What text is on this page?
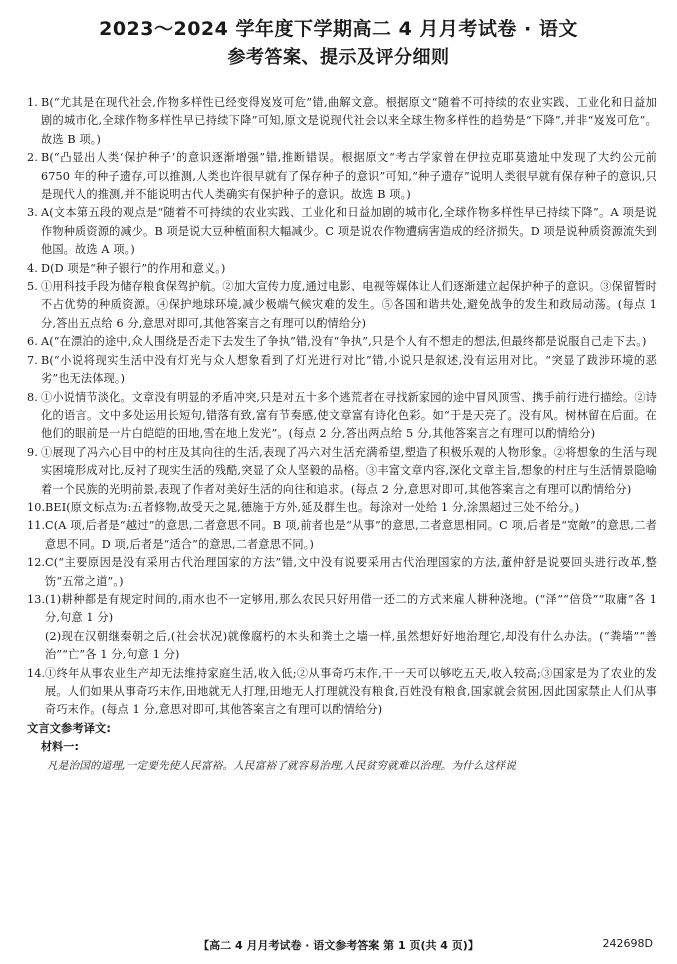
2023～2024 学年度下学期高二 4 月月考试卷 · 语文
参考答案、提示及评分细则

1. B(“尤其是在现代社会,作物多样性已经变得岌岌可危”错,曲解文意。根据原文“随着不可持续的农业实践、工业化和日益加剧的城市化,全球作物多样性早已持续下降”可知,原文是说现代社会以来全球生物多样性的趋势是“下降”,并非“岌岌可危”。故选 B 项。)

2. B(“凸显出人类‘保护种子’的意识逐渐增强”错,推断错误。根据原文“考古学家曾在伊拉克耶莫遗址中发现了大约公元前 6750 年的种子遗存,可以推测,人类也许很早就有了保存种子的意识”可知,“种子遗存”说明人类很早就有保存种子的意识,只是现代人的推测,并不能说明古代人类确实有保护种子的意识。故选 B 项。)

3. A(文本第五段的观点是“随着不可持续的农业实践、工业化和日益加剧的城市化,全球作物多样性早已持续下降”。A 项是说作物种质资源的减少。B 项是说大豆种植面积大幅减少。C 项是说农作物遭病害造成的经济损失。D 项是说种质资源流失到他国。故选 A 项。)

4. D(D 项是“种子银行”的作用和意义。)

5. ①用科技手段为储存粮食保驾护航。②加大宣传力度,通过电影、电视等媒体让人们逐渐建立起保护种子的意识。③保留暂时不占优势的种质资源。④保护地球环境,减少极端气候灾难的发生。⑤各国和谐共处,避免战争的发生和政局动荡。(每点 1 分,答出五点给 6 分,意思对即可,其他答案言之有理可以酌情给分)

6. A(“在漂泊的途中,众人围绕是否走下去发生了争执”错,没有“争执”,只是个人有不想走的想法,但最终都是说服自己走下去。)

7. B(“小说将现实生活中没有灯光与众人想象看到了灯光进行对比”错,小说只是叙述,没有运用对比。“突显了跋涉环境的恶劣”也无法体现。)

8. ①小说情节淡化。文章没有明显的矛盾冲突,只是对五十多个逃荒者在寻找新家园的途中冒风顶雪、携手前行进行描绘。②诗化的语言。文中多处运用长短句,错落有致,富有节奏感,使文章富有诗化色彩。如“于是天亮了。没有风。树林留在后面。在他们的眼前是一片白皑皑的田地,雪在地上发光”。(每点 2 分,答出两点给 5 分,其他答案言之有理可以酌情给分)

9. ①展现了冯六心目中的村庄及其向往的生活,表现了冯六对生活充满希望,塑造了积极乐观的人物形象。②将想象的生活与现实困境形成对比,反衬了现实生活的残酷,突显了众人坚毅的品格。③丰富文章内容,深化文章主旨,想象的村庄与生活情景隐喻着一个民族的光明前景,表现了作者对美好生活的向往和追求。(每点 2 分,意思对即可,其他答案言之有理可以酌情给分)

10. BEI(原文标点为:五者修物,故受天之晁,德施于方外,延及群生也。每涂对一处给 1 分,涂黑超过三处不给分。)

11. C(A 项,后者是“越过”的意思,二者意思不同。B 项,前者也是“从事”的意思,二者意思相同。C 项,后者是“宽敞”的意思,二者意思不同。D 项,后者是“适合”的意思,二者意思不同。)

12. C(“主要原因是没有采用古代治理国家的方法”错,文中没有说要采用古代治理国家的方法,董仲舒是说要回头进行改革,整饬“五常之道”。)

13. (1)耕种都是有规定时间的,雨水也不一定够用,那么农民只好用借一还二的方式来雇人耕种浇地。(“泽”“倍贷”“取庸”各 1 分,句意 1 分)

(2)现在汉朝继秦朝之后,(社会状况)就像腐朽的木头和粪土之墙一样,虽然想好好地治理它,却没有什么办法。(“粪墙”“善治”“亡”各 1 分,句意 1 分)

14. ①终年从事农业生产却无法维持家庭生活,收入低;②从事奇巧末作,干一天可以够吃五天,收入较高;③国家是为了农业的发展。人们如果从事奇巧末作,田地就无人打理,田地无人打理就没有粮食,百姓没有粮食,国家就会贫困,因此国家禁止人们从事奇巧末作。(每点 1 分,意思对即可,其他答案言之有理可以酌情给分)

文言文参考译文:

材料一:

凡是治国的道理,一定要先使人民富裕。人民富裕了就容易治理,人民贫穷就难以治理。为什么这样说

【高二 4 月月考试卷 · 语文参考答案 第 1 页(共 4 页)】	242698D
